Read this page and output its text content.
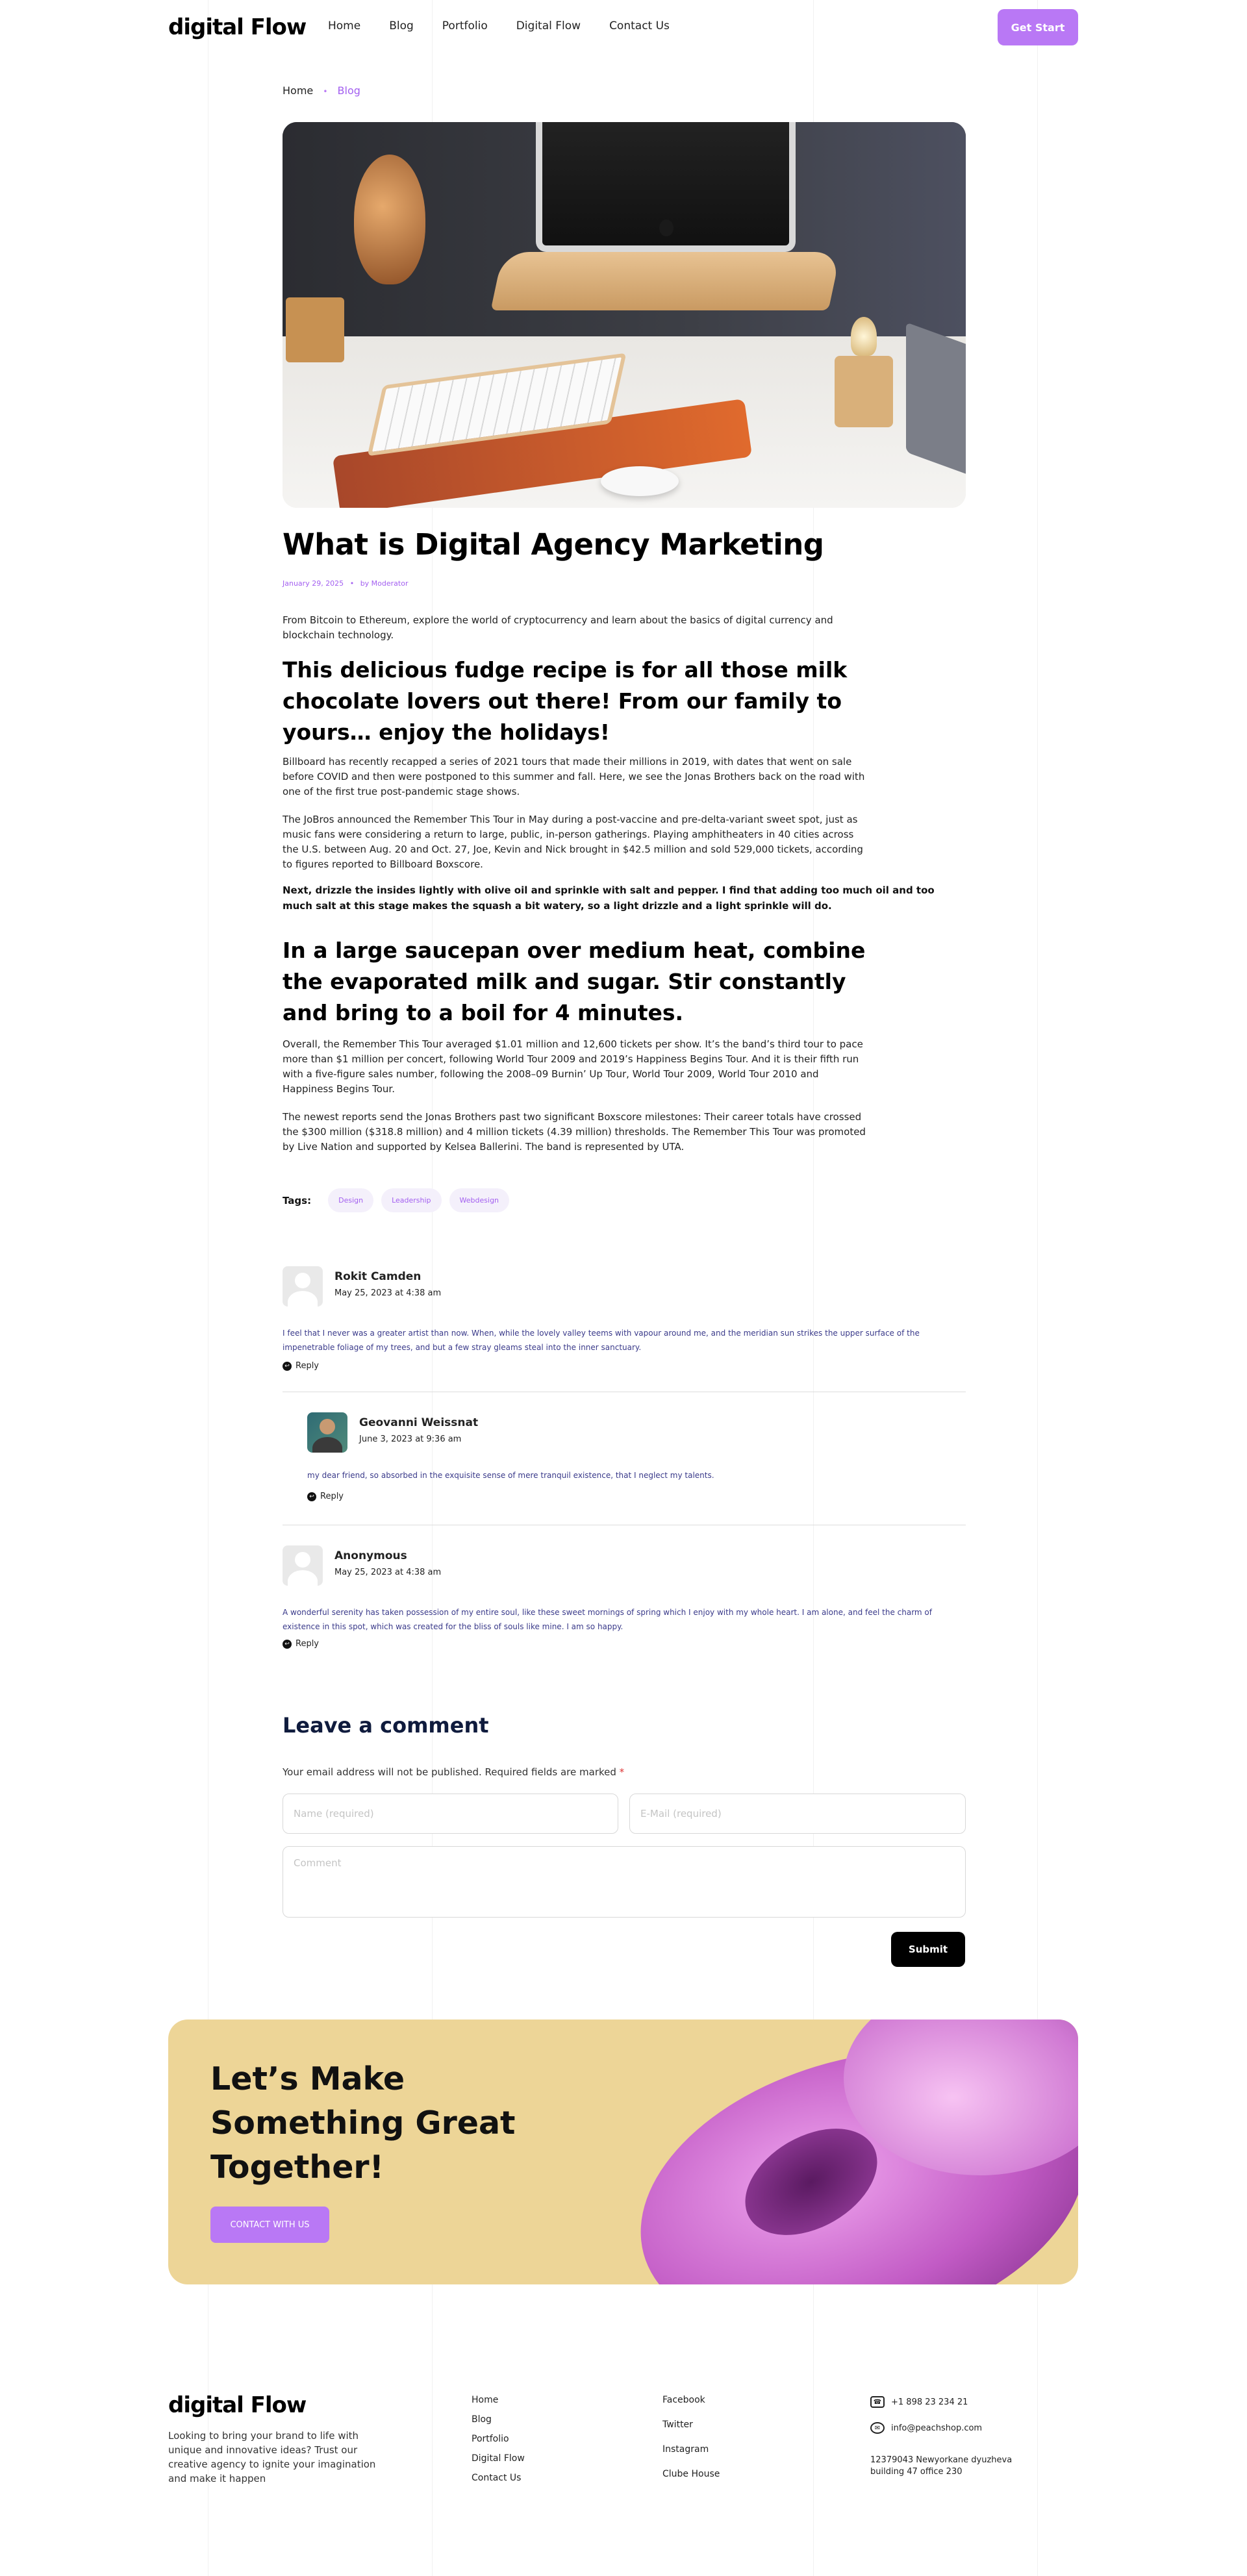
digital Flow Home	Blog	Portfolio	Digital Flow	Contact Us	Get Start
Home • Blog
What is Digital Agency Marketing
January 29, 2025 • by Moderator

From Bitcoin to Ethereum, explore the world of cryptocurrency and learn about the basics of digital currency and blockchain technology.

This delicious fudge recipe is for all those milk chocolate lovers out there! From our family to yours… enjoy the holidays!

Billboard has recently recapped a series of 2021 tours that made their millions in 2019, with dates that went on sale before COVID and then were postponed to this summer and fall. Here, we see the Jonas Brothers back on the road with one of the first true post-pandemic stage shows.

The JoBros announced the Remember This Tour in May during a post-vaccine and pre-delta-variant sweet spot, just as music fans were considering a return to large, public, in-person gatherings. Playing amphitheaters in 40 cities across the U.S. between Aug. 20 and Oct. 27, Joe, Kevin and Nick brought in $42.5 million and sold 529,000 tickets, according to figures reported to Billboard Boxscore.

Next, drizzle the insides lightly with olive oil and sprinkle with salt and pepper. I find that adding too much oil and too much salt at this stage makes the squash a bit watery, so a light drizzle and a light sprinkle will do.

In a large saucepan over medium heat, combine the evaporated milk and sugar. Stir constantly and bring to a boil for 4 minutes.

Overall, the Remember This Tour averaged $1.01 million and 12,600 tickets per show. It’s the band’s third tour to pace more than $1 million per concert, following World Tour 2009 and 2019’s Happiness Begins Tour. And it is their fifth run with a five-figure sales number, following the 2008–09 Burnin’ Up Tour, World Tour 2009, World Tour 2010 and Happiness Begins Tour.

The newest reports send the Jonas Brothers past two significant Boxscore milestones: Their career totals have crossed the $300 million ($318.8 million) and 4 million tickets (4.39 million) thresholds. The Remember This Tour was promoted by Live Nation and supported by Kelsea Ballerini. The band is represented by UTA.

Tags:	Design	Leadership	Webdesign
Rokit Camden
May 25, 2023 at 4:38 am
I feel that I never was a greater artist than now. When, while the lovely valley teems with vapour around me, and the meridian sun strikes the upper surface of the impenetrable foliage of my trees, and but a few stray gleams steal into the inner sanctuary.
↩ Reply
Geovanni Weissnat
June 3, 2023 at 9:36 am
my dear friend, so absorbed in the exquisite sense of mere tranquil existence, that I neglect my talents.
↩ Reply
Anonymous
May 25, 2023 at 4:38 am
A wonderful serenity has taken possession of my entire soul, like these sweet mornings of spring which I enjoy with my whole heart. I am alone, and feel the charm of existence in this spot, which was created for the bliss of souls like mine. I am so happy.
↩ Reply
Leave a comment
Your email address will not be published. Required fields are marked *
Name (required)
E-Mail (required)
Comment
Submit
Let’s Make Something Great Together!
CONTACT WITH US
digital Flow

Looking to bring your brand to life with unique and innovative ideas? Trust our creative agency to ignite your imagination and make it happen

Home
Blog
Portfolio
Digital Flow
Contact Us
Facebook
Twitter
Instagram
Clube House
☎	+1 898 23 234 21
✉	info@peachshop.com
12379043 Newyorkane dyuzheva building 47 office 230
